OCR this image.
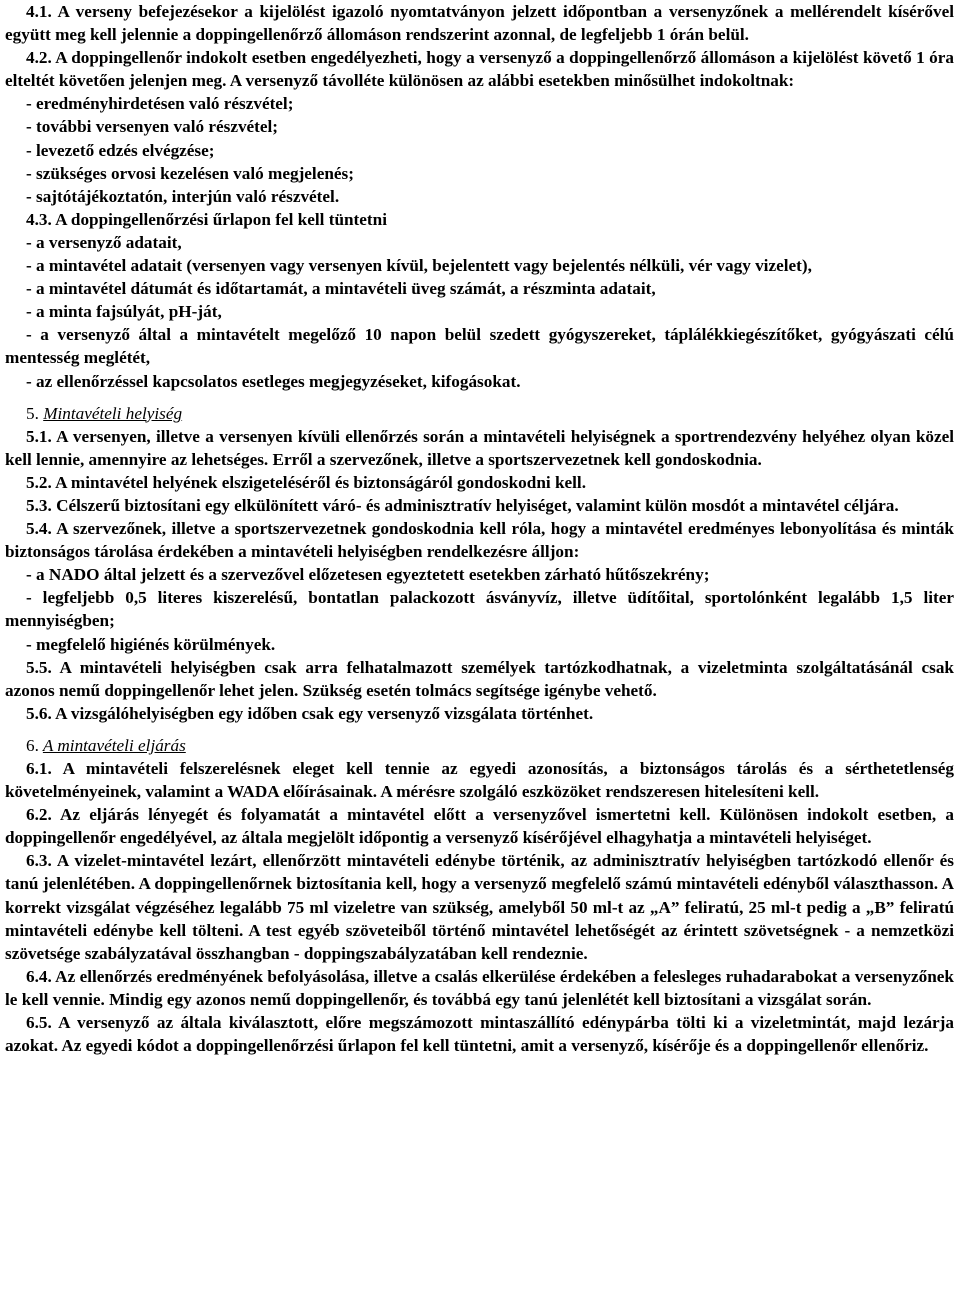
4.1. A verseny befejezésekor a kijelölést igazoló nyomtatványon jelzett időpontban a versenyzőnek a mellérendelt kísérővel együtt meg kell jelennie a doppingellenőrző állomáson rendszerint azonnal, de legfeljebb 1 órán belül.

4.2. A doppingellenőr indokolt esetben engedélyezheti, hogy a versenyző a doppingellenőrző állomáson a kijelölést követő 1 óra elteltét követően jelenjen meg. A versenyző távolléte különösen az alábbi esetekben minősülhet indokoltnak:

- eredményhirdetésen való részvétel;

- további versenyen való részvétel;

- levezető edzés elvégzése;

- szükséges orvosi kezelésen való megjelenés;

- sajtótájékoztatón, interjún való részvétel.

4.3. A doppingellenőrzési űrlapon fel kell tüntetni

- a versenyző adatait,

- a mintavétel adatait (versenyen vagy versenyen kívül, bejelentett vagy bejelentés nélküli, vér vagy vizelet),

- a mintavétel dátumát és időtartamát, a mintavételi üveg számát, a részminta adatait,

- a minta fajsúlyát, pH-ját,

- a versenyző által a mintavételt megelőző 10 napon belül szedett gyógyszereket, táplálékkiegészítőket, gyógyászati célú mentesség meglétét,

- az ellenőrzéssel kapcsolatos esetleges megjegyzéseket, kifogásokat.

5. Mintavételi helyiség

5.1. A versenyen, illetve a versenyen kívüli ellenőrzés során a mintavételi helyiségnek a sportrendezvény helyéhez olyan közel kell lennie, amennyire az lehetséges. Erről a szervezőnek, illetve a sportszervezetnek kell gondoskodnia.

5.2. A mintavétel helyének elszigeteléséről és biztonságáról gondoskodni kell.

5.3. Célszerű biztosítani egy elkülönített váró- és adminisztratív helyiséget, valamint külön mosdót a mintavétel céljára.

5.4. A szervezőnek, illetve a sportszervezetnek gondoskodnia kell róla, hogy a mintavétel eredményes lebonyolítása és minták biztonságos tárolása érdekében a mintavételi helyiségben rendelkezésre álljon:

- a NADO által jelzett és a szervezővel előzetesen egyeztetett esetekben zárható hűtőszekrény;

- legfeljebb 0,5 literes kiszerelésű, bontatlan palackozott ásványvíz, illetve üdítőital, sportolónként legalább 1,5 liter mennyiségben;

- megfelelő higiénés körülmények.

5.5. A mintavételi helyiségben csak arra felhatalmazott személyek tartózkodhatnak, a vizeletminta szolgáltatásánál csak azonos nemű doppingellenőr lehet jelen. Szükség esetén tolmács segítsége igénybe vehető.

5.6. A vizsgálóhelyiségben egy időben csak egy versenyző vizsgálata történhet.

6. A mintavételi eljárás

6.1. A mintavételi felszerelésnek eleget kell tennie az egyedi azonosítás, a biztonságos tárolás és a sérthetetlenség követelményeinek, valamint a WADA előírásainak. A mérésre szolgáló eszközöket rendszeresen hitelesíteni kell.

6.2. Az eljárás lényegét és folyamatát a mintavétel előtt a versenyzővel ismertetni kell. Különösen indokolt esetben, a doppingellenőr engedélyével, az általa megjelölt időpontig a versenyző kísérőjével elhagyhatja a mintavételi helyiséget.

6.3. A vizelet-mintavétel lezárt, ellenőrzött mintavételi edénybe történik, az adminisztratív helyiségben tartózkodó ellenőr és tanú jelenlétében. A doppingellenőrnek biztosítania kell, hogy a versenyző megfelelő számú mintavételi edényből választhasson. A korrekt vizsgálat végzéséhez legalább 75 ml vizeletre van szükség, amelyből 50 ml-t az „A” feliratú, 25 ml-t pedig a „B” feliratú mintavételi edénybe kell tölteni. A test egyéb szöveteiből történő mintavétel lehetőségét az érintett szövetségnek - a nemzetközi szövetsége szabályzatával összhangban - doppingszabályzatában kell rendeznie.

6.4. Az ellenőrzés eredményének befolyásolása, illetve a csalás elkerülése érdekében a felesleges ruhadarabokat a versenyzőnek le kell vennie. Mindig egy azonos nemű doppingellenőr, és továbbá egy tanú jelenlétét kell biztosítani a vizsgálat során.

6.5. A versenyző az általa kiválasztott, előre megszámozott mintaszállító edénypárba tölti ki a vizeletmintát, majd lezárja azokat. Az egyedi kódot a doppingellenőrzési űrlapon fel kell tüntetni, amit a versenyző, kísérője és a doppingellenőr ellenőriz.
